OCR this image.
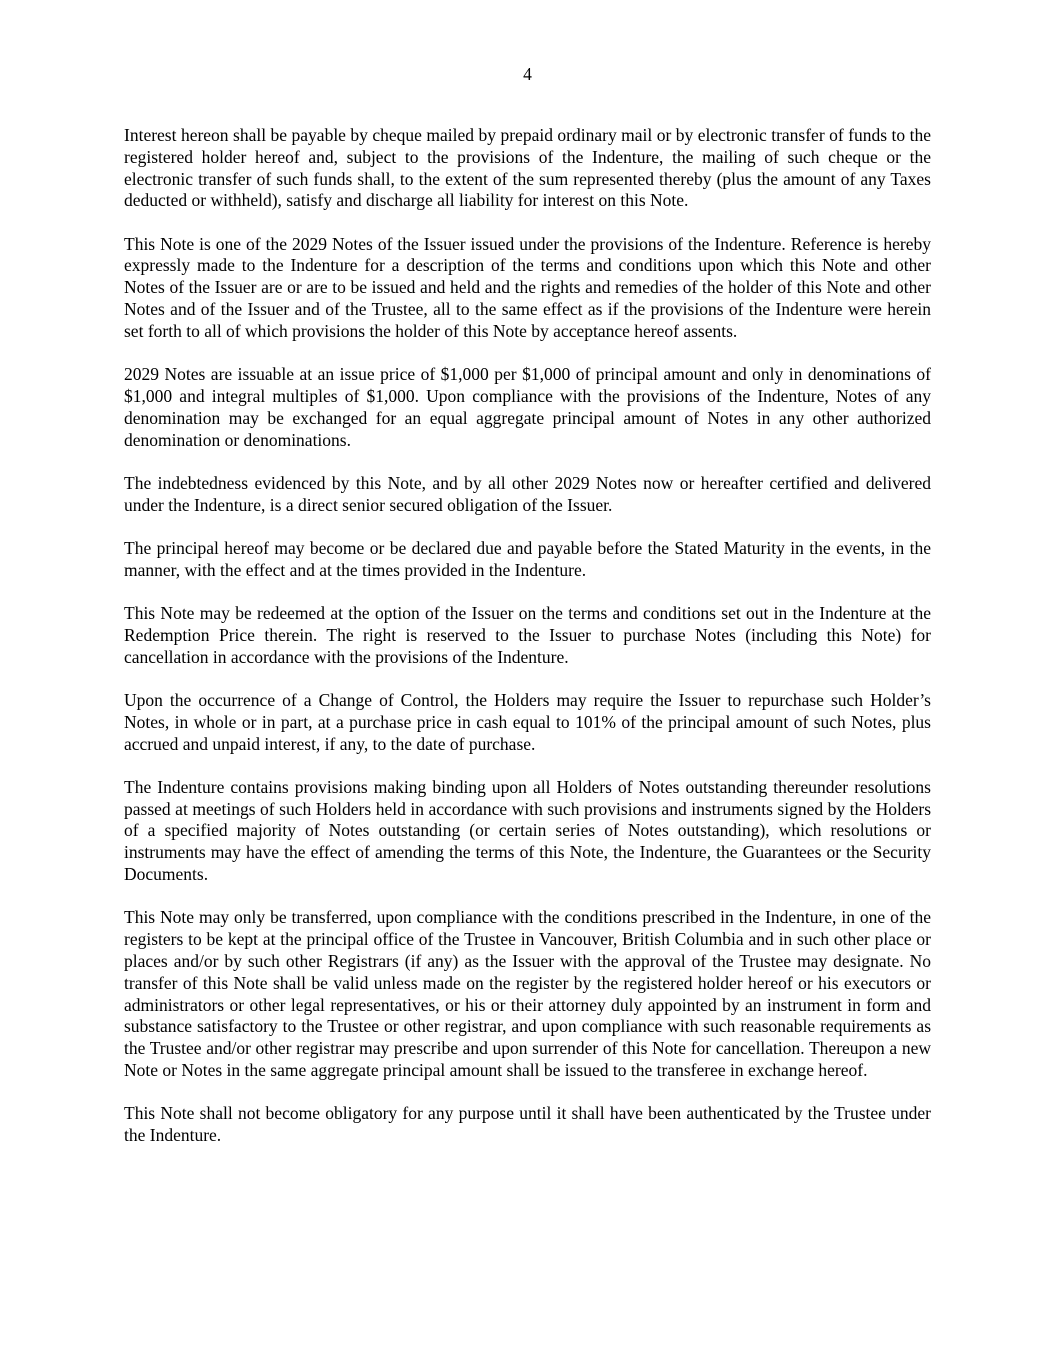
4

Interest hereon shall be payable by cheque mailed by prepaid ordinary mail or by electronic transfer of funds to the registered holder hereof and, subject to the provisions of the Indenture, the mailing of such cheque or the electronic transfer of such funds shall, to the extent of the sum represented thereby (plus the amount of any Taxes deducted or withheld), satisfy and discharge all liability for interest on this Note.

This Note is one of the 2029 Notes of the Issuer issued under the provisions of the Indenture. Reference is hereby expressly made to the Indenture for a description of the terms and conditions upon which this Note and other Notes of the Issuer are or are to be issued and held and the rights and remedies of the holder of this Note and other Notes and of the Issuer and of the Trustee, all to the same effect as if the provisions of the Indenture were herein set forth to all of which provisions the holder of this Note by acceptance hereof assents.

2029 Notes are issuable at an issue price of $1,000 per $1,000 of principal amount and only in denominations of $1,000 and integral multiples of $1,000. Upon compliance with the provisions of the Indenture, Notes of any denomination may be exchanged for an equal aggregate principal amount of Notes in any other authorized denomination or denominations.

The indebtedness evidenced by this Note, and by all other 2029 Notes now or hereafter certified and delivered under the Indenture, is a direct senior secured obligation of the Issuer.

The principal hereof may become or be declared due and payable before the Stated Maturity in the events, in the manner, with the effect and at the times provided in the Indenture.

This Note may be redeemed at the option of the Issuer on the terms and conditions set out in the Indenture at the Redemption Price therein. The right is reserved to the Issuer to purchase Notes (including this Note) for cancellation in accordance with the provisions of the Indenture.

Upon the occurrence of a Change of Control, the Holders may require the Issuer to repurchase such Holder’s Notes, in whole or in part, at a purchase price in cash equal to 101% of the principal amount of such Notes, plus accrued and unpaid interest, if any, to the date of purchase.

The Indenture contains provisions making binding upon all Holders of Notes outstanding thereunder resolutions passed at meetings of such Holders held in accordance with such provisions and instruments signed by the Holders of a specified majority of Notes outstanding (or certain series of Notes outstanding), which resolutions or instruments may have the effect of amending the terms of this Note, the Indenture, the Guarantees or the Security Documents.

This Note may only be transferred, upon compliance with the conditions prescribed in the Indenture, in one of the registers to be kept at the principal office of the Trustee in Vancouver, British Columbia and in such other place or places and/or by such other Registrars (if any) as the Issuer with the approval of the Trustee may designate. No transfer of this Note shall be valid unless made on the register by the registered holder hereof or his executors or administrators or other legal representatives, or his or their attorney duly appointed by an instrument in form and substance satisfactory to the Trustee or other registrar, and upon compliance with such reasonable requirements as the Trustee and/or other registrar may prescribe and upon surrender of this Note for cancellation. Thereupon a new Note or Notes in the same aggregate principal amount shall be issued to the transferee in exchange hereof.

This Note shall not become obligatory for any purpose until it shall have been authenticated by the Trustee under the Indenture.
